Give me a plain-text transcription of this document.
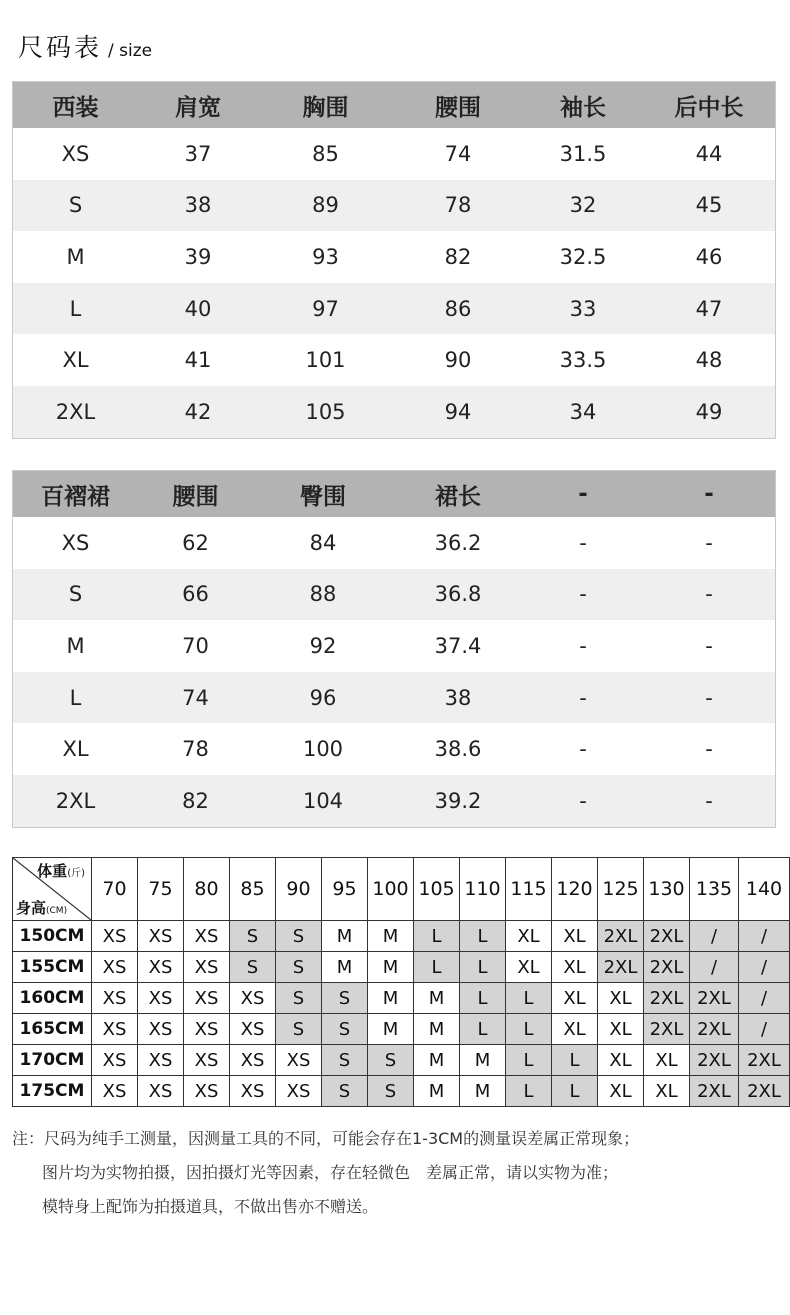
尺码表 / size
西装	肩宽	胸围	腰围	袖长	后中长
XS	37	85	74	31.5	44
S	38	89	78	32	45
M	39	93	82	32.5	46
L	40	97	86	33	47
XL	41	101	90	33.5	48
2XL	42	105	94	34	49
百褶裙	腰围	臀围	裙长	-	-
XS	62	84	36.2	-	-
S	66	88	36.8	-	-
M	70	92	37.4	-	-
L	74	96	38	-	-
XL	78	100	38.6	-	-
2XL	82	104	39.2	-	-
体重(斤)
身高(CM)	70	75	80	85	90	95	100	105	110	115	120	125	130	135	140
150CM	XS	XS	XS	S	S	M	M	L	L	XL	XL	2XL	2XL	/	/
155CM	XS	XS	XS	S	S	M	M	L	L	XL	XL	2XL	2XL	/	/
160CM	XS	XS	XS	XS	S	S	M	M	L	L	XL	XL	2XL	2XL	/
165CM	XS	XS	XS	XS	S	S	M	M	L	L	XL	XL	2XL	2XL	/
170CM	XS	XS	XS	XS	XS	S	S	M	M	L	L	XL	XL	2XL	2XL
175CM	XS	XS	XS	XS	XS	S	S	M	M	L	L	XL	XL	2XL	2XL
注：尺码为纯手工测量，因测量工具的不同，可能会存在1-3CM的测量误差属正常现象；
图片均为实物拍摄，因拍摄灯光等因素，存在轻微色　差属正常，请以实物为准；
模特身上配饰为拍摄道具，不做出售亦不赠送。
